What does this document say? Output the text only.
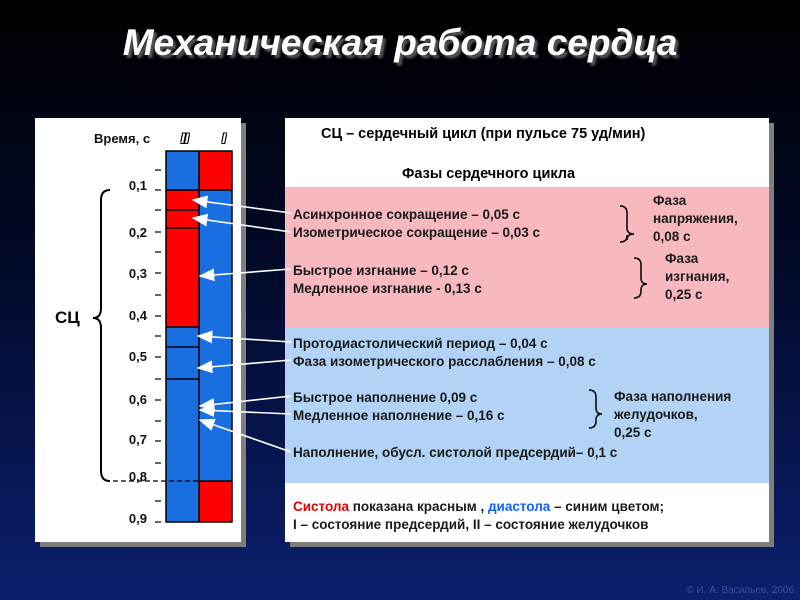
Механическая работа сердца
Время, с II I
СЦ
0,1
0,2
0,3
0,4
0,5
0,6
0,7
0,8
0,9
СЦ – сердечный цикл (при пульсе 75 уд/мин)
Фазы сердечного цикла
Асинхронное сокращение – 0,05 с
Изометрическое сокращение – 0,03 с
Фаза
напряжения,
0,08 с
Быстрое изгнание – 0,12 с
Медленное изгнание - 0,13 с
Фаза
изгнания,
0,25 с
Протодиастолический период – 0,04 с
Фаза изометрического расслабления – 0,08 с
Быстрое наполнение 0,09 с
Медленное наполнение – 0,16 с
Фаза наполнения
желудочков,
0,25 с
Наполнение, обусл. систолой предсердий– 0,1 с
Систола показана красным , диастола – синим цветом;
I – состояние предсердий, II – состояние желудочков
© И. А. Васильев, 2006
